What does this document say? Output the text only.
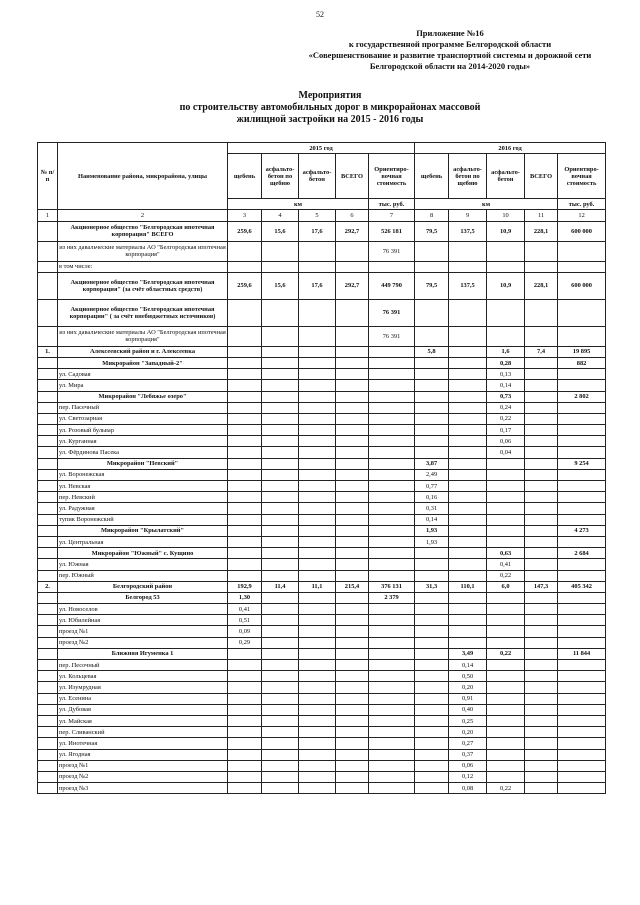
52
Приложение №16
к государственной программе Белгородской области
«Совершенствование и развитие транспортной системы и дорожной сети
Белгородской области на 2014-2020 годы»
Мероприятия
по строительству автомобильных дорог в микрорайонах массовой
жилищной застройки на 2015 - 2016 годы
№ п/п	Наименование района, микрорайона, улицы	2015 год					2016 год				
		щебень	асфальто-бетон по щебню	асфальто-бетон	ВСЕГО	Ориентиро-вочная стоимость	щебень	асфальто-бетон по щебню	асфальто-бетон	ВСЕГО	Ориентиро-вочная стоимость
		км				тыс. руб.	км				тыс. руб.
1	2	3	4	5	6	7	8	9	10	11	12
	Акционерное общество "Белгородская ипотечная корпорация" ВСЕГО	259,6	15,6	17,6	292,7	526 181	79,5	137,5	10,9	228,1	600 000
	из них давальческие материалы АО "Белгородская ипотечная корпорация"					76 391					
	в том числе:										
	Акционерное общество "Белгородская ипотечная корпорация" (за счёт областных средств)	259,6	15,6	17,6	292,7	449 790	79,5	137,5	10,9	228,1	600 000
	Акционерное общество "Белгородская ипотечная корпорации" ( за счёт внебюджетных источников)					76 391					
	из них давальческие материалы АО "Белгородская ипотечная корпорация"					76 391					
1.	Алексеевский район и г. Алексеевка						5,8		1,6	7,4	19 895
	Микрорайон "Западный-2"								0,28		882
	ул. Садовая								0,13		
	ул. Мира								0,14		
	Микрорайон "Лебяжье озеро"								0,73		2 802
	пер. Пасечный								0,24		
	ул. Светозарная								0,22		
	ул. Розовый бульвар								0,17		
	ул. Курганная								0,06		
	ул. Фёрдинова Пасека								0,04		
	Микрорайон "Невский"						3,87				9 254
	ул. Воронежская						2,49				
	ул. Невская						0,77				
	пер. Невский						0,16				
	ул. Радужная						0,31				
	тупик Воронежский						0,14				
	Микрорайон "Крылатский"						1,93				4 273
	ул. Центральная						1,93				
	Микрорайон "Южный" с. Кущино								0,63		2 684
	ул. Южная								0,41		
	пер. Южный								0,22		
2.	Белгородский район	192,9	11,4	11,1	215,4	376 131	31,3	110,1	6,0	147,3	405 342
	Белгород 53	1,30				2 379					
	ул. Новоселов	0,41									
	ул. Юбилейная	0,51									
	проезд №1	0,09									
	проезд №2	0,29									
	Ближняя Игуменка 1							3,49	0,22		11 844
	пер. Песочный							0,14			
	ул. Кольцевая							0,50			
	ул. Изумрудная							0,20			
	ул. Есенина							0,91			
	ул. Дубовая							0,40			
	ул. Майская							0,25			
	пер. Сливанский							0,20			
	ул. Инотечная							0,27			
	ул. Ягодная							0,37			
	проезд №1							0,06			
	проезд №2							0,12			
	проезд №3							0,08	0,22		
